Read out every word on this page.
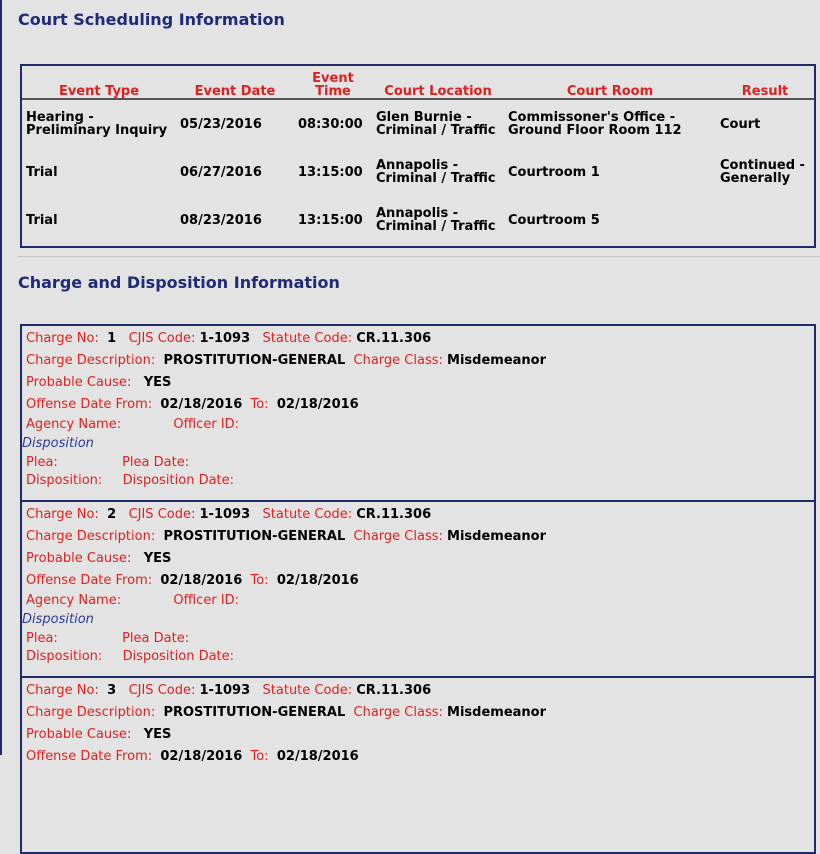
Court Scheduling Information
Event Type	Event Date	Event Time	Court Location	Court Room	Result
Hearing - Preliminary Inquiry	05/23/2016	08:30:00	Glen Burnie - Criminal / Traffic	Commissoner's Office - Ground Floor Room 112	Court
Trial	06/27/2016	13:15:00	Annapolis - Criminal / Traffic	Courtroom 1	Continued - Generally
Trial	08/23/2016	13:15:00	Annapolis - Criminal / Traffic	Courtroom 5	
Charge and Disposition Information
Charge No: 1 CJIS Code: 1-1093 Statute Code: CR.11.306
Charge Description: PROSTITUTION-GENERAL Charge Class: Misdemeanor
Probable Cause: YES
Offense Date From: 02/18/2016 To: 02/18/2016
Agency Name:	Officer ID:
Disposition
Plea:	Plea Date:
Disposition: Disposition Date:
Charge No: 2 CJIS Code: 1-1093 Statute Code: CR.11.306
Charge Description: PROSTITUTION-GENERAL Charge Class: Misdemeanor
Probable Cause: YES
Offense Date From: 02/18/2016 To: 02/18/2016
Agency Name:	Officer ID:
Disposition
Plea:	Plea Date:
Disposition: Disposition Date:
Charge No: 3 CJIS Code: 1-1093 Statute Code: CR.11.306
Charge Description: PROSTITUTION-GENERAL Charge Class: Misdemeanor
Probable Cause: YES
Offense Date From: 02/18/2016 To: 02/18/2016
